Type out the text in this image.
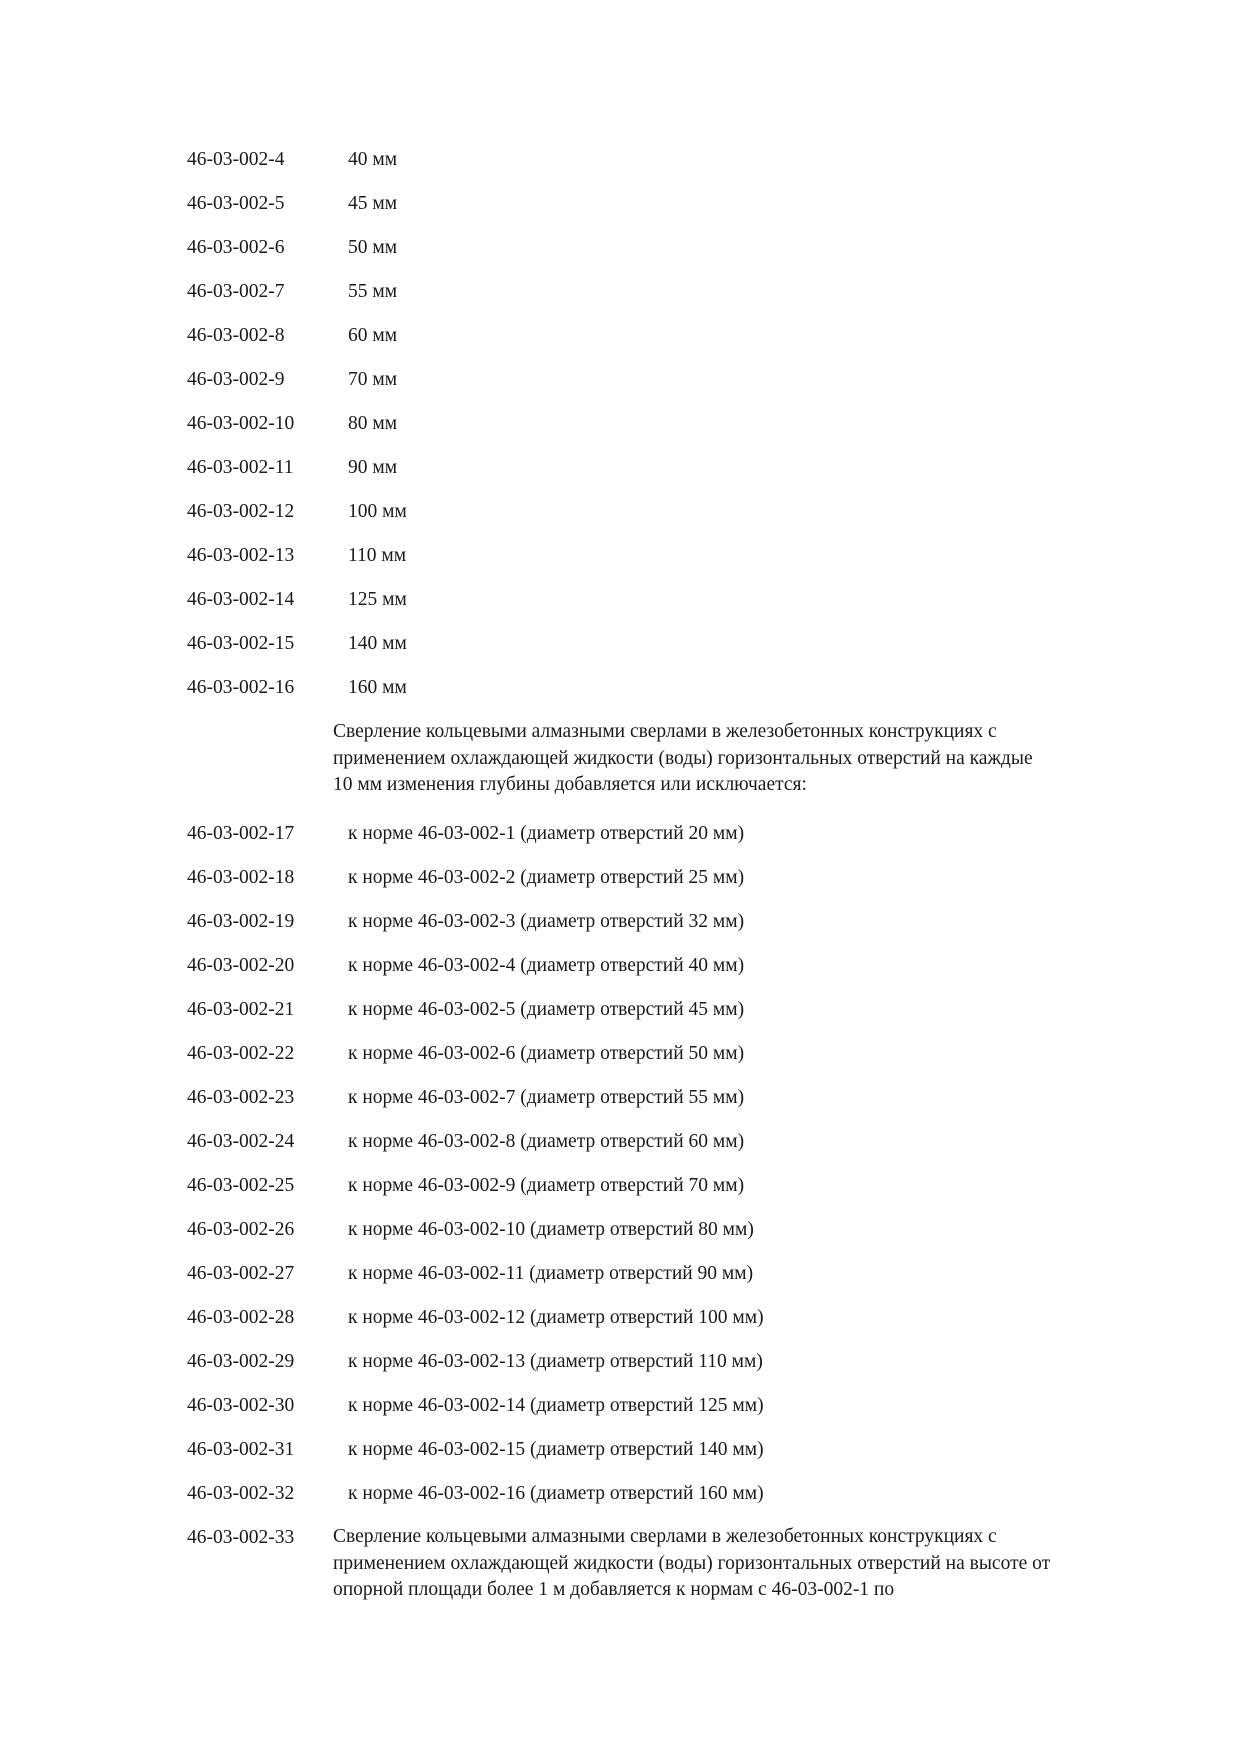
46-03-002-4	40 мм
46-03-002-5	45 мм
46-03-002-6	50 мм
46-03-002-7	55 мм
46-03-002-8	60 мм
46-03-002-9	70 мм
46-03-002-10	80 мм
46-03-002-11	90 мм
46-03-002-12	100 мм
46-03-002-13	110 мм
46-03-002-14	125 мм
46-03-002-15	140 мм
46-03-002-16	160 мм
Сверление кольцевыми алмазными сверлами в железобетонных конструкциях с применением охлаждающей жидкости (воды) горизонтальных отверстий на каждые 10 мм изменения глубины добавляется или исключается:
46-03-002-17	к норме 46-03-002-1 (диаметр отверстий 20 мм)
46-03-002-18	к норме 46-03-002-2 (диаметр отверстий 25 мм)
46-03-002-19	к норме 46-03-002-3 (диаметр отверстий 32 мм)
46-03-002-20	к норме 46-03-002-4 (диаметр отверстий 40 мм)
46-03-002-21	к норме 46-03-002-5 (диаметр отверстий 45 мм)
46-03-002-22	к норме 46-03-002-6 (диаметр отверстий 50 мм)
46-03-002-23	к норме 46-03-002-7 (диаметр отверстий 55 мм)
46-03-002-24	к норме 46-03-002-8 (диаметр отверстий 60 мм)
46-03-002-25	к норме 46-03-002-9 (диаметр отверстий 70 мм)
46-03-002-26	к норме 46-03-002-10 (диаметр отверстий 80 мм)
46-03-002-27	к норме 46-03-002-11 (диаметр отверстий 90 мм)
46-03-002-28	к норме 46-03-002-12 (диаметр отверстий 100 мм)
46-03-002-29	к норме 46-03-002-13 (диаметр отверстий 110 мм)
46-03-002-30	к норме 46-03-002-14 (диаметр отверстий 125 мм)
46-03-002-31	к норме 46-03-002-15 (диаметр отверстий 140 мм)
46-03-002-32	к норме 46-03-002-16 (диаметр отверстий 160 мм)
46-03-002-33 Сверление кольцевыми алмазными сверлами в железобетонных конструкциях с применением охлаждающей жидкости (воды) горизонтальных отверстий на высоте от опорной площади более 1 м добавляется к нормам с 46-03-002-1 по
